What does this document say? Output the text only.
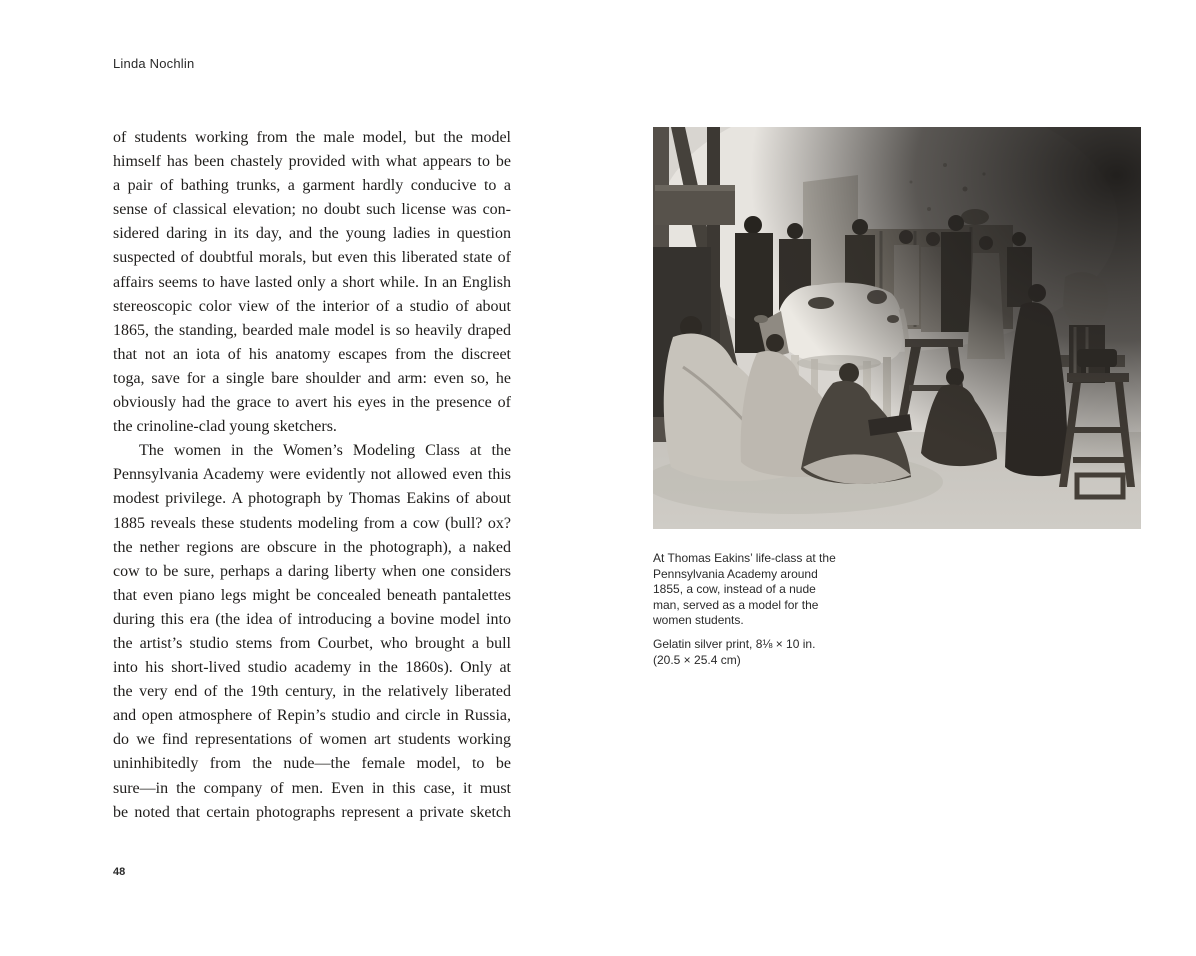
Linda Nochlin
of students working from the male model, but the model
himself has been chastely provided with what appears to be
a pair of bathing trunks, a garment hardly conducive to a
sense of classical elevation; no doubt such license was con-
sidered daring in its day, and the young ladies in question
suspected of doubtful morals, but even this liberated state of
affairs seems to have lasted only a short while. In an English
stereoscopic color view of the interior of a studio of about
1865, the standing, bearded male model is so heavily draped
that not an iota of his anatomy escapes from the discreet
toga, save for a single bare shoulder and arm: even so, he
obviously had the grace to avert his eyes in the presence of
the crinoline-clad young sketchers.
The women in the Women’s Modeling Class at the
Pennsylvania Academy were evidently not allowed even this
modest privilege. A photograph by Thomas Eakins of about
1885 reveals these students modeling from a cow (bull? ox?
the nether regions are obscure in the photograph), a naked
cow to be sure, perhaps a daring liberty when one considers
that even piano legs might be concealed beneath pantalettes
during this era (the idea of introducing a bovine model into
the artist’s studio stems from Courbet, who brought a bull
into his short-lived studio academy in the 1860s). Only at
the very end of the 19th century, in the relatively liberated
and open atmosphere of Repin’s studio and circle in Russia,
do we find representations of women art students working
uninhibitedly from the nude—the female model, to be
sure—in the company of men. Even in this case, it must
be noted that certain photographs represent a private sketch
At Thomas Eakins’ life-class at the
Pennsylvania Academy around
1855, a cow, instead of a nude
man, served as a model for the
women students.
Gelatin silver print, 8⅛ × 10 in.
(20.5 × 25.4 cm)
48
